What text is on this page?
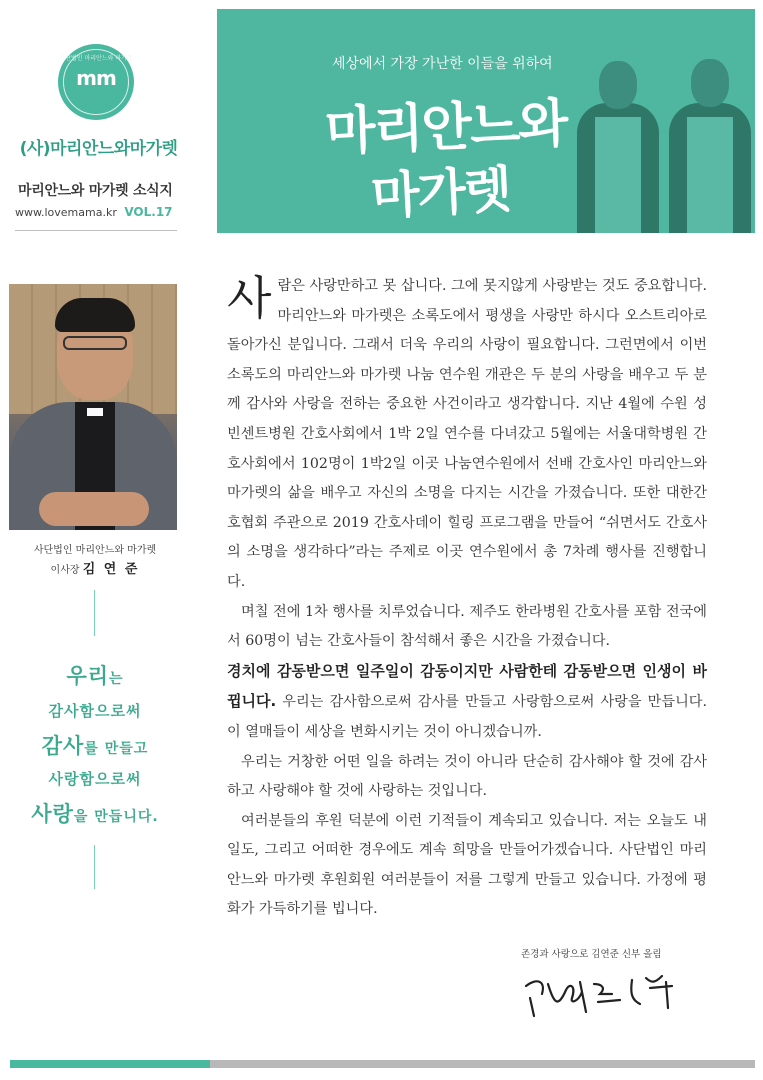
사단법인 마리안느와 마가렛
mm
(사)마리안느와마가렛
마리안느와 마가렛 소식지
www.lovemama.kr VOL.17
사단법인 마리안느와 마가렛
이사장 김 연 준
우리는
감사함으로써
감사를 만들고
사랑함으로써
사랑을 만듭니다.
세상에서 가장 가난한 이들을 위하여
마리안느와
마가렛

사람은 사랑만하고 못 삽니다. 그에 못지않게 사랑받는 것도 중요합니다. 마리안느와 마가렛은 소록도에서 평생을 사랑만 하시다 오스트리아로 돌아가신 분입니다. 그래서 더욱 우리의 사랑이 필요합니다. 그런면에서 이번 소록도의 마리안느와 마가렛 나눔 연수원 개관은 두 분의 사랑을 배우고 두 분께 감사와 사랑을 전하는 중요한 사건이라고 생각합니다. 지난 4월에 수원 성빈센트병원 간호사회에서 1박 2일 연수를 다녀갔고 5월에는 서울대학병원 간호사회에서 102명이 1박2일 이곳 나눔연수원에서 선배 간호사인 마리안느와 마가렛의 삶을 배우고 자신의 소명을 다지는 시간을 가졌습니다. 또한 대한간호협회 주관으로 2019 간호사데이 힐링 프로그램을 만들어 “쉬면서도 간호사의 소명을 생각하다”라는 주제로 이곳 연수원에서 총 7차례 행사를 진행합니다.

며칠 전에 1차 행사를 치루었습니다. 제주도 한라병원 간호사를 포함 전국에서 60명이 넘는 간호사들이 참석해서 좋은 시간을 가졌습니다.

경치에 감동받으면 일주일이 감동이지만 사람한테 감동받으면 인생이 바뀝니다. 우리는 감사함으로써 감사를 만들고 사랑함으로써 사랑을 만듭니다. 이 열매들이 세상을 변화시키는 것이 아니겠습니까.

우리는 거창한 어떤 일을 하려는 것이 아니라 단순히 감사해야 할 것에 감사하고 사랑해야 할 것에 사랑하는 것입니다.

여러분들의 후원 덕분에 이런 기적들이 계속되고 있습니다. 저는 오늘도 내일도, 그리고 어떠한 경우에도 계속 희망을 만들어가겠습니다. 사단법인 마리안느와 마가렛 후원회원 여러분들이 저를 그렇게 만들고 있습니다. 가정에 평화가 가득하기를 빕니다.

존경과 사랑으로 김연준 신부 올림
